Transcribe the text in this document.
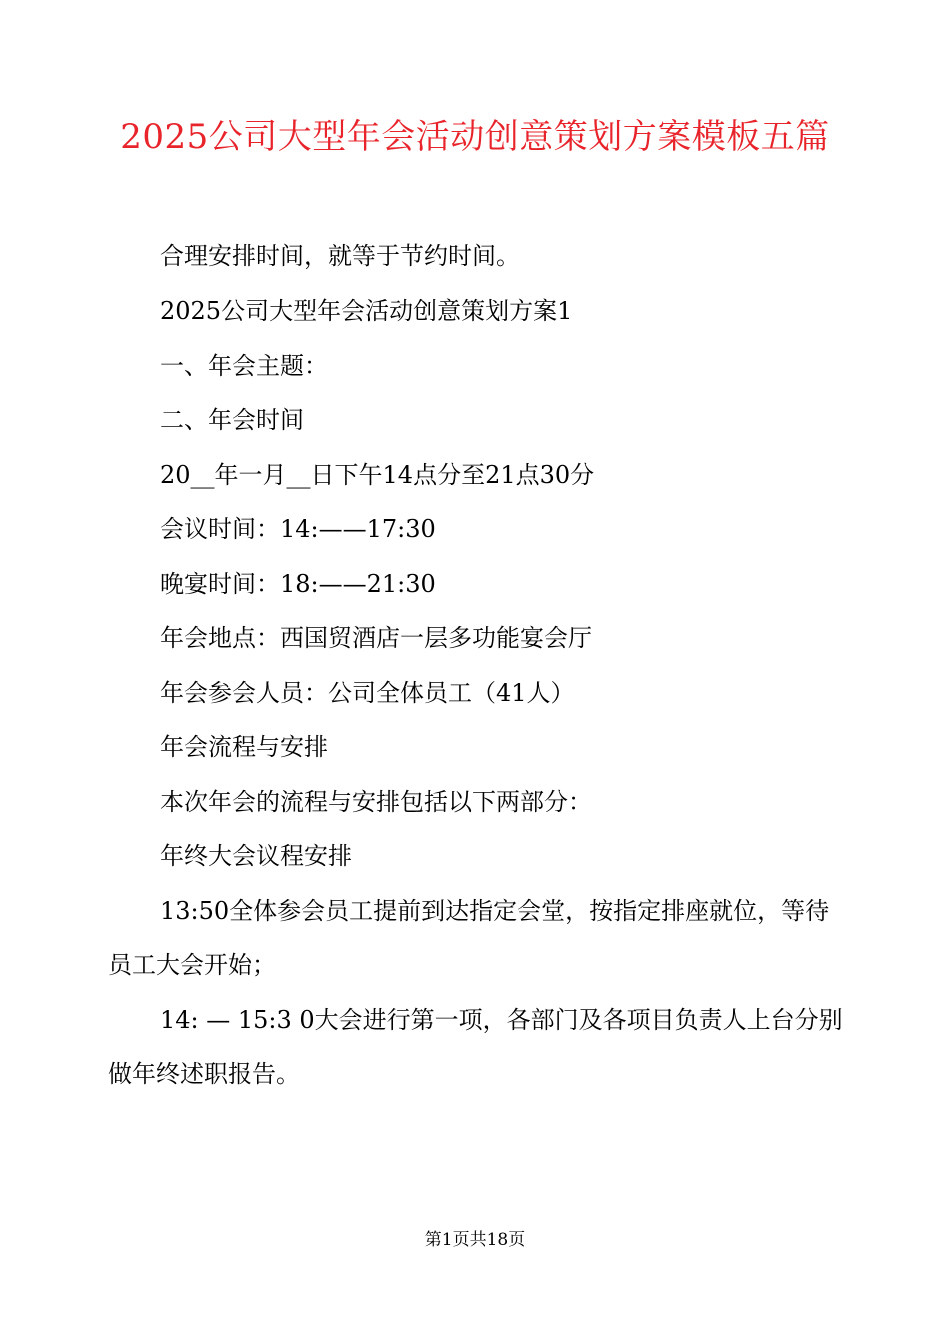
2025公司大型年会活动创意策划方案模板五篇
合理安排时间，就等于节约时间。
2025公司大型年会活动创意策划方案1
一、年会主题：
二、年会时间
20__年一月__日下午14点分至21点30分
会议时间：14:——17:30
晚宴时间：18:——21:30
年会地点：西国贸酒店一层多功能宴会厅
年会参会人员：公司全体员工（41人）
年会流程与安排
本次年会的流程与安排包括以下两部分：
年终大会议程安排
13:50全体参会员工提前到达指定会堂，按指定排座就位，等待员工大会开始；
14: — 15:3 0大会进行第一项，各部门及各项目负责人上台分别做年终述职报告。
第1页共18页
